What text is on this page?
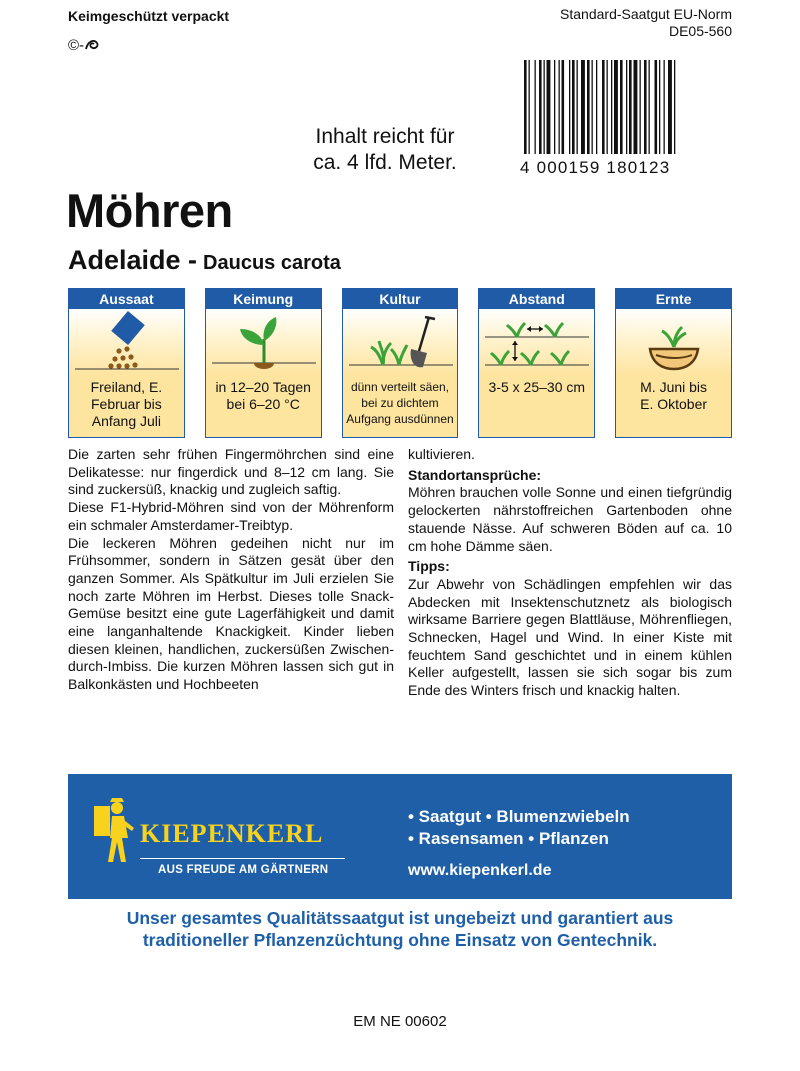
Keimgeschützt verpackt
©-
Standard-Saatgut EU-Norm
DE05-560
4 000159 180123
Inhalt reicht für
ca. 4 lfd. Meter.
Möhren
Adelaide - Daucus carota
Aussaat
Freiland, E.
Februar bis
Anfang Juli
Keimung
in 12–20 Tagen
bei 6–20 °C
Kultur
dünn verteilt säen,
bei zu dichtem
Aufgang ausdünnen
Abstand
3-5 x 25–30 cm
Ernte
M. Juni bis
E. Oktober

Die zarten sehr frühen Fingermöhrchen sind eine Delikatesse: nur fingerdick und 8–12 cm lang. Sie sind zuckersüß, knackig und zugleich saftig.

Diese F1-Hybrid-Möhren sind von der Möhrenform ein schmaler Amsterdamer-Treibtyp.

Die leckeren Möhren gedeihen nicht nur im Frühsommer, sondern in Sätzen gesät über den ganzen Sommer. Als Spätkultur im Juli erzielen Sie noch zarte Möhren im Herbst. Dieses tolle Snack-Gemüse besitzt eine gute Lagerfähigkeit und damit eine langanhaltende Knackigkeit. Kinder lieben diesen kleinen, handlichen, zuckersüßen Zwischendurch-Imbiss. Die kurzen Möhren lassen sich gut in Balkonkästen und Hochbeeten

kultivieren.

Standortansprüche:

Möhren brauchen volle Sonne und einen tiefgründig gelockerten nährstoffreichen Gartenboden ohne stauende Nässe. Auf schweren Böden auf ca. 10 cm hohe Dämme säen.

Tipps:

Zur Abwehr von Schädlingen empfehlen wir das Abdecken mit Insektenschutznetz als biologisch wirksame Barriere gegen Blattläuse, Möhrenfliegen, Schnecken, Hagel und Wind. In einer Kiste mit feuchtem Sand geschichtet und in einem kühlen Keller aufgestellt, lassen sie sich sogar bis zum Ende des Winters frisch und knackig halten.

KIEPENKERL
AUS FREUDE AM GÄRTNERN
• Saatgut • Blumenzwiebeln
• Rasensamen • Pflanzen
www.kiepenkerl.de
Unser gesamtes Qualitätssaatgut ist ungebeizt und garantiert aus
traditioneller Pflanzenzüchtung ohne Einsatz von Gentechnik.
EM NE 00602
